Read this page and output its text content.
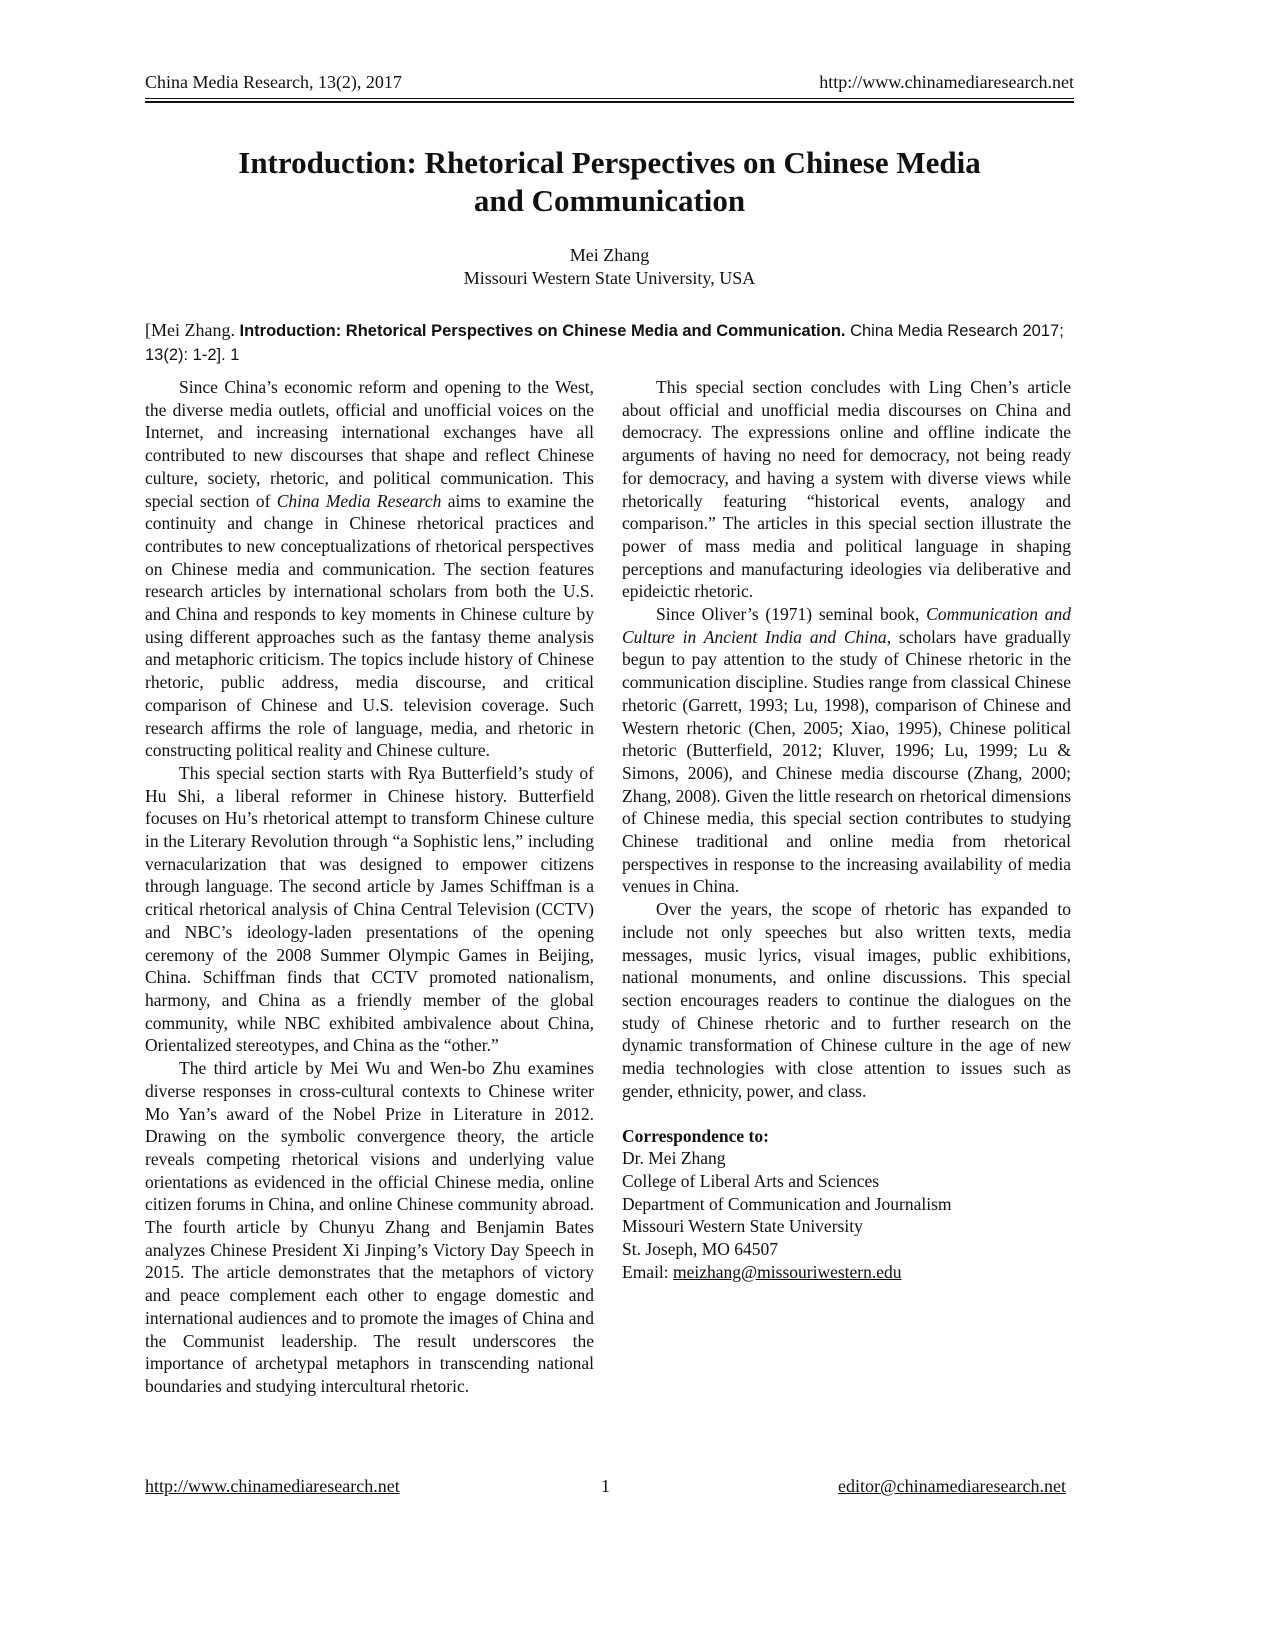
China Media Research, 13(2), 2017	http://www.chinamediaresearch.net
Introduction: Rhetorical Perspectives on Chinese Media
and Communication
Mei Zhang
Missouri Western State University, USA
[Mei Zhang. Introduction: Rhetorical Perspectives on Chinese Media and Communication. China Media Research 2017; 13(2): 1-2]. 1

Since China’s economic reform and opening to the West, the diverse media outlets, official and unofficial voices on the Internet, and increasing international exchanges have all contributed to new discourses that shape and reflect Chinese culture, society, rhetoric, and political communication. This special section of China Media Research aims to examine the continuity and change in Chinese rhetorical practices and contributes to new conceptualizations of rhetorical perspectives on Chinese media and communication. The section features research articles by international scholars from both the U.S. and China and responds to key moments in Chinese culture by using different approaches such as the fantasy theme analysis and metaphoric criticism. The topics include history of Chinese rhetoric, public address, media discourse, and critical comparison of Chinese and U.S. television coverage. Such research affirms the role of language, media, and rhetoric in constructing political reality and Chinese culture.

This special section starts with Rya Butterfield’s study of Hu Shi, a liberal reformer in Chinese history. Butterfield focuses on Hu’s rhetorical attempt to transform Chinese culture in the Literary Revolution through “a Sophistic lens,” including vernacularization that was designed to empower citizens through language. The second article by James Schiffman is a critical rhetorical analysis of China Central Television (CCTV) and NBC’s ideology-laden presentations of the opening ceremony of the 2008 Summer Olympic Games in Beijing, China. Schiffman finds that CCTV promoted nationalism, harmony, and China as a friendly member of the global community, while NBC exhibited ambivalence about China, Orientalized stereotypes, and China as the “other.”

The third article by Mei Wu and Wen-bo Zhu examines diverse responses in cross-cultural contexts to Chinese writer Mo Yan’s award of the Nobel Prize in Literature in 2012. Drawing on the symbolic convergence theory, the article reveals competing rhetorical visions and underlying value orientations as evidenced in the official Chinese media, online citizen forums in China, and online Chinese community abroad. The fourth article by Chunyu Zhang and Benjamin Bates analyzes Chinese President Xi Jinping’s Victory Day Speech in 2015. The article demonstrates that the metaphors of victory and peace complement each other to engage domestic and international audiences and to promote the images of China and the Communist leadership. The result underscores the importance of archetypal metaphors in transcending national boundaries and studying intercultural rhetoric.

This special section concludes with Ling Chen’s article about official and unofficial media discourses on China and democracy. The expressions online and offline indicate the arguments of having no need for democracy, not being ready for democracy, and having a system with diverse views while rhetorically featuring “historical events, analogy and comparison.” The articles in this special section illustrate the power of mass media and political language in shaping perceptions and manufacturing ideologies via deliberative and epideictic rhetoric.

Since Oliver’s (1971) seminal book, Communication and Culture in Ancient India and China, scholars have gradually begun to pay attention to the study of Chinese rhetoric in the communication discipline. Studies range from classical Chinese rhetoric (Garrett, 1993; Lu, 1998), comparison of Chinese and Western rhetoric (Chen, 2005; Xiao, 1995), Chinese political rhetoric (Butterfield, 2012; Kluver, 1996; Lu, 1999; Lu & Simons, 2006), and Chinese media discourse (Zhang, 2000; Zhang, 2008). Given the little research on rhetorical dimensions of Chinese media, this special section contributes to studying Chinese traditional and online media from rhetorical perspectives in response to the increasing availability of media venues in China.

Over the years, the scope of rhetoric has expanded to include not only speeches but also written texts, media messages, music lyrics, visual images, public exhibitions, national monuments, and online discussions. This special section encourages readers to continue the dialogues on the study of Chinese rhetoric and to further research on the dynamic transformation of Chinese culture in the age of new media technologies with close attention to issues such as gender, ethnicity, power, and class.

Correspondence to:
Dr. Mei Zhang
College of Liberal Arts and Sciences
Department of Communication and Journalism
Missouri Western State University
St. Joseph, MO 64507
Email: meizhang@missouriwestern.edu
http://www.chinamediaresearch.net	1	editor@chinamediaresearch.net
